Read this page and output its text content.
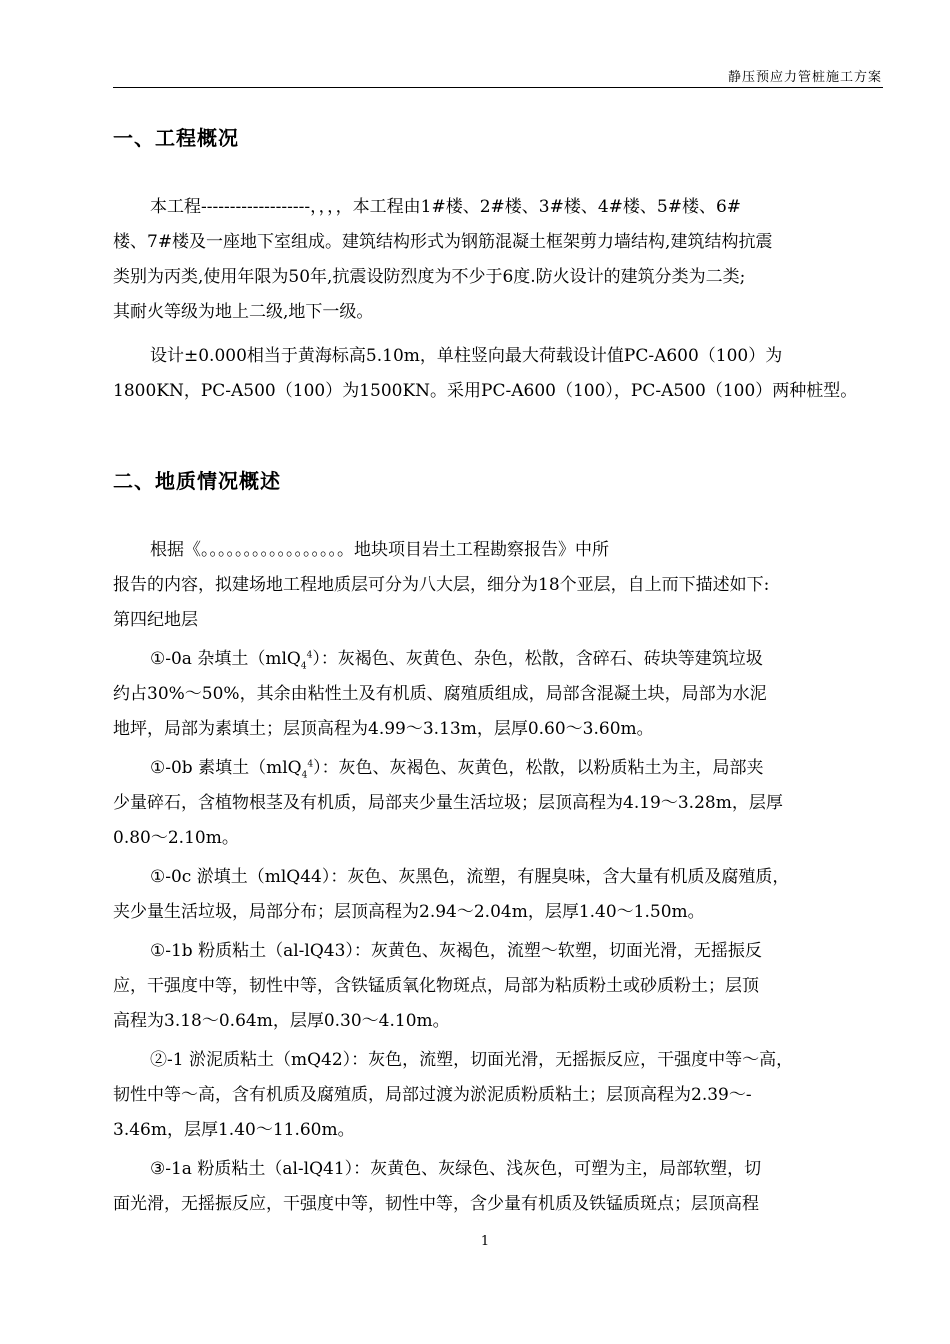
静压预应力管桩施工方案
一、工程概况
本工程-------------------，，，，本工程由1#楼、2#楼、3#楼、4#楼、5#楼、6#
楼、7#楼及一座地下室组成。建筑结构形式为钢筋混凝土框架剪力墙结构,建筑结构抗震
类别为丙类,使用年限为50年,抗震设防烈度为不少于6度.防火设计的建筑分类为二类;
其耐火等级为地上二级,地下一级。
设计±0.000相当于黄海标高5.10m，单柱竖向最大荷载设计值PC-A600（100）为
1800KN，PC-A500（100）为1500KN。采用PC-A600（100），PC-A500（100）两种桩型。
二、地质情况概述
根据《。。。。。。。。。。。。。。。。。地块项目岩土工程勘察报告》中所
报告的内容，拟建场地工程地质层可分为八大层，细分为18个亚层，自上而下描述如下:
第四纪地层
①-0a 杂填土（mlQ$_4^4$）：灰褐色、灰黄色、杂色，松散，含碎石、砖块等建筑垃圾
约占30%～50%，其余由粘性土及有机质、腐殖质组成，局部含混凝土块，局部为水泥
地坪，局部为素填土；层顶高程为4.99～3.13m，层厚0.60～3.60m。
①-0b 素填土（mlQ$_4^4$）：灰色、灰褐色、灰黄色，松散，以粉质粘土为主，局部夹
少量碎石，含植物根茎及有机质，局部夹少量生活垃圾；层顶高程为4.19～3.28m，层厚
0.80～2.10m。
①-0c 淤填土（mlQ44）：灰色、灰黑色，流塑，有腥臭味，含大量有机质及腐殖质，
夹少量生活垃圾，局部分布；层顶高程为2.94～2.04m，层厚1.40～1.50m。
①-1b 粉质粘土（al-lQ43）：灰黄色、灰褐色，流塑～软塑，切面光滑，无摇振反
应，干强度中等，韧性中等，含铁锰质氧化物斑点，局部为粘质粉土或砂质粉土；层顶
高程为3.18～0.64m，层厚0.30～4.10m。
②-1 淤泥质粘土（mQ42）：灰色，流塑，切面光滑，无摇振反应，干强度中等～高，
韧性中等～高，含有机质及腐殖质，局部过渡为淤泥质粉质粘土；层顶高程为2.39～-
3.46m，层厚1.40～11.60m。
③-1a 粉质粘土（al-lQ41）：灰黄色、灰绿色、浅灰色，可塑为主，局部软塑，切
面光滑，无摇振反应，干强度中等，韧性中等，含少量有机质及铁锰质斑点；层顶高程
1
